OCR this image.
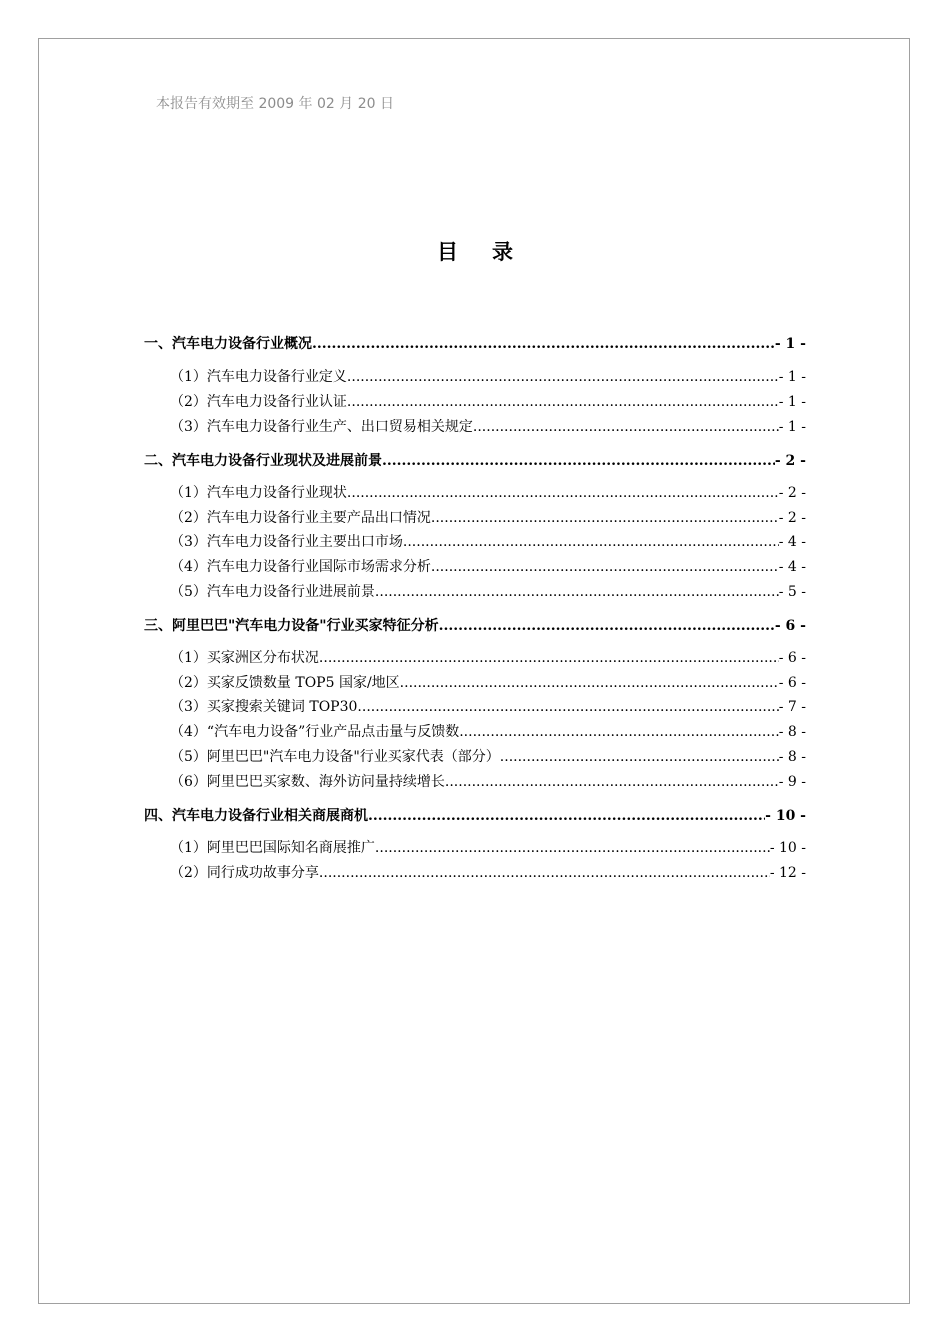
本报告有效期至 2009 年 02 月 20 日
目录
一、汽车电力设备行业概况 .....	- 1 -
（1）汽车电力设备行业定义 .....	- 1 -
（2）汽车电力设备行业认证 .....	- 1 -
（3）汽车电力设备行业生产、出口贸易相关规定 .....	- 1 -
二、汽车电力设备行业现状及进展前景 .....	- 2 -
（1）汽车电力设备行业现状 .....	- 2 -
（2）汽车电力设备行业主要产品出口情况 .....	- 2 -
（3）汽车电力设备行业主要出口市场 .....	- 4 -
（4）汽车电力设备行业国际市场需求分析 .....	- 4 -
（5）汽车电力设备行业进展前景 .....	- 5 -
三、阿里巴巴"汽车电力设备"行业买家特征分析 .....	- 6 -
（1）买家洲区分布状况 .....	- 6 -
（2）买家反馈数量 TOP5 国家/地区 .....	- 6 -
（3）买家搜索关键词 TOP30 .....	- 7 -
（4）“汽车电力设备”行业产品点击量与反馈数 .....	- 8 -
（5）阿里巴巴"汽车电力设备"行业买家代表（部分） .....	- 8 -
（6）阿里巴巴买家数、海外访问量持续增长 .....	- 9 -
四、汽车电力设备行业相关商展商机 .....	- 10 -
（1）阿里巴巴国际知名商展推广 .....	- 10 -
（2）同行成功故事分享 .....	- 12 -
